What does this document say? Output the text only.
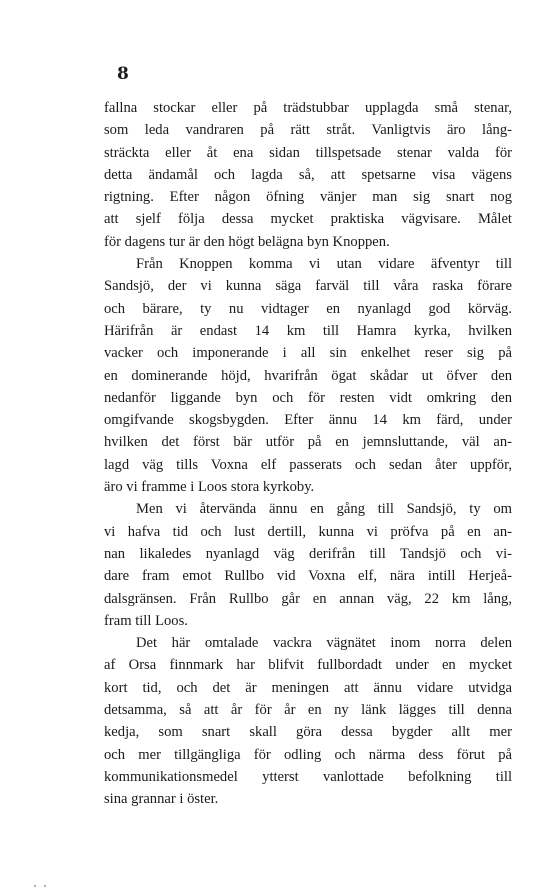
8
fallna stockar eller på trädstubbar upplagda små stenar,
som leda vandraren på rätt stråt. Vanligtvis äro lång-
sträckta eller åt ena sidan tillspetsade stenar valda för
detta ändamål och lagda så, att spetsarne visa vägens
rigtning. Efter någon öfning vänjer man sig snart nog
att sjelf följa dessa mycket praktiska vägvisare. Målet
för dagens tur är den högt belägna byn Knoppen.
Från Knoppen komma vi utan vidare äfventyr till
Sandsjö, der vi kunna säga farväl till våra raska förare
och bärare, ty nu vidtager en nyanlagd god körväg.
Härifrån är endast 14 km till Hamra kyrka, hvilken
vacker och imponerande i all sin enkelhet reser sig på
en dominerande höjd, hvarifrån ögat skådar ut öfver den
nedanför liggande byn och för resten vidt omkring den
omgifvande skogsbygden. Efter ännu 14 km färd, under
hvilken det först bär utför på en jemnsluttande, väl an-
lagd väg tills Voxna elf passerats och sedan åter uppför,
äro vi framme i Loos stora kyrkoby.
Men vi återvända ännu en gång till Sandsjö, ty om
vi hafva tid och lust dertill, kunna vi pröfva på en an-
nan likaledes nyanlagd väg derifrån till Tandsjö och vi-
dare fram emot Rullbo vid Voxna elf, nära intill Herjeå-
dalsgränsen. Från Rullbo går en annan väg, 22 km lång,
fram till Loos.
Det här omtalade vackra vägnätet inom norra delen
af Orsa finnmark har blifvit fullbordadt under en mycket
kort tid, och det är meningen att ännu vidare utvidga
detsamma, så att år för år en ny länk lägges till denna
kedja, som snart skall göra dessa bygder allt mer
och mer tillgängliga för odling och närma dess förut på
kommunikationsmedel ytterst vanlottade befolkning till
sina grannar i öster.
